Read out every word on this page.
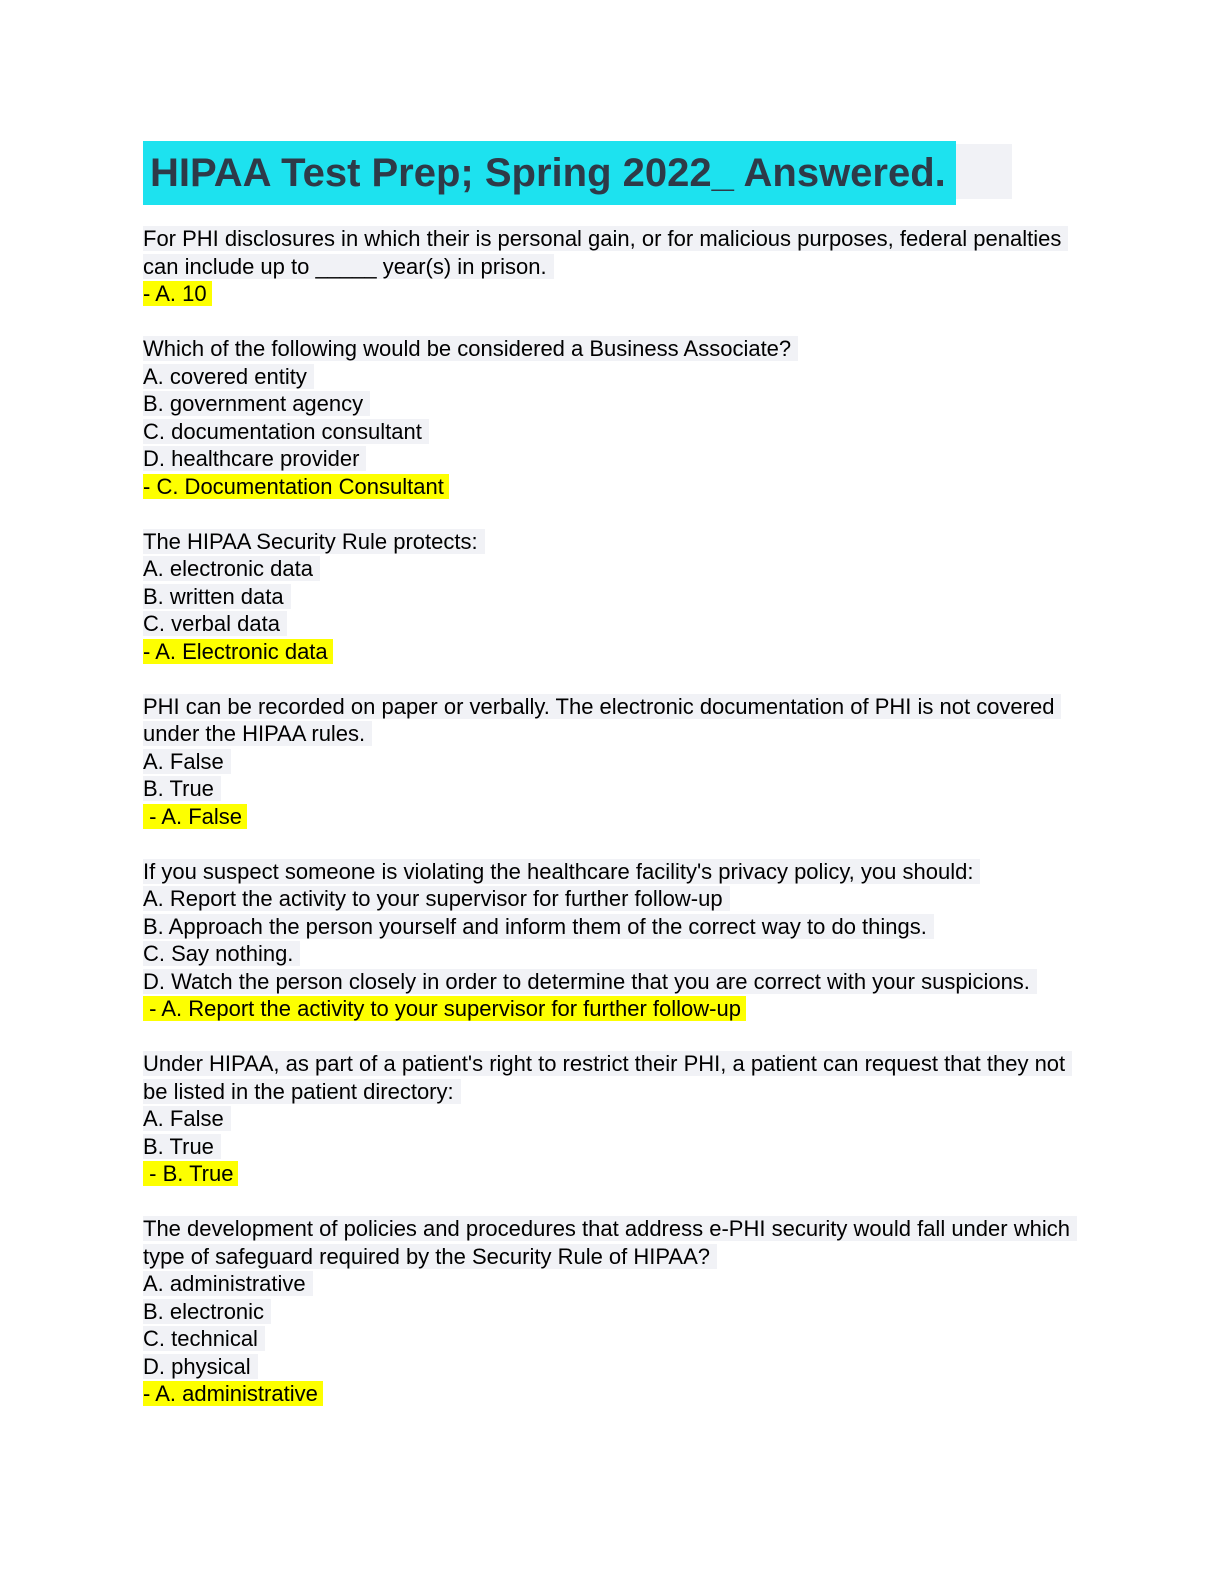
HIPAA Test Prep; Spring 2022_ Answered.

For PHI disclosures in which their is personal gain, or for malicious purposes, federal penalties can include up to _____ year(s) in prison.

- A. 10

Which of the following would be considered a Business Associate?

A. covered entity

B. government agency

C. documentation consultant

D. healthcare provider

- C. Documentation Consultant

The HIPAA Security Rule protects:

A. electronic data

B. written data

C. verbal data

- A. Electronic data

PHI can be recorded on paper or verbally. The electronic documentation of PHI is not covered under the HIPAA rules.

A. False

B. True

- A. False

If you suspect someone is violating the healthcare facility's privacy policy, you should:

A. Report the activity to your supervisor for further follow-up

B. Approach the person yourself and inform them of the correct way to do things.

C. Say nothing.

D. Watch the person closely in order to determine that you are correct with your suspicions.

- A. Report the activity to your supervisor for further follow-up

Under HIPAA, as part of a patient's right to restrict their PHI, a patient can request that they not be listed in the patient directory:

A. False

B. True

- B. True

The development of policies and procedures that address e-PHI security would fall under which type of safeguard required by the Security Rule of HIPAA?

A. administrative

B. electronic

C. technical

D. physical

- A. administrative
